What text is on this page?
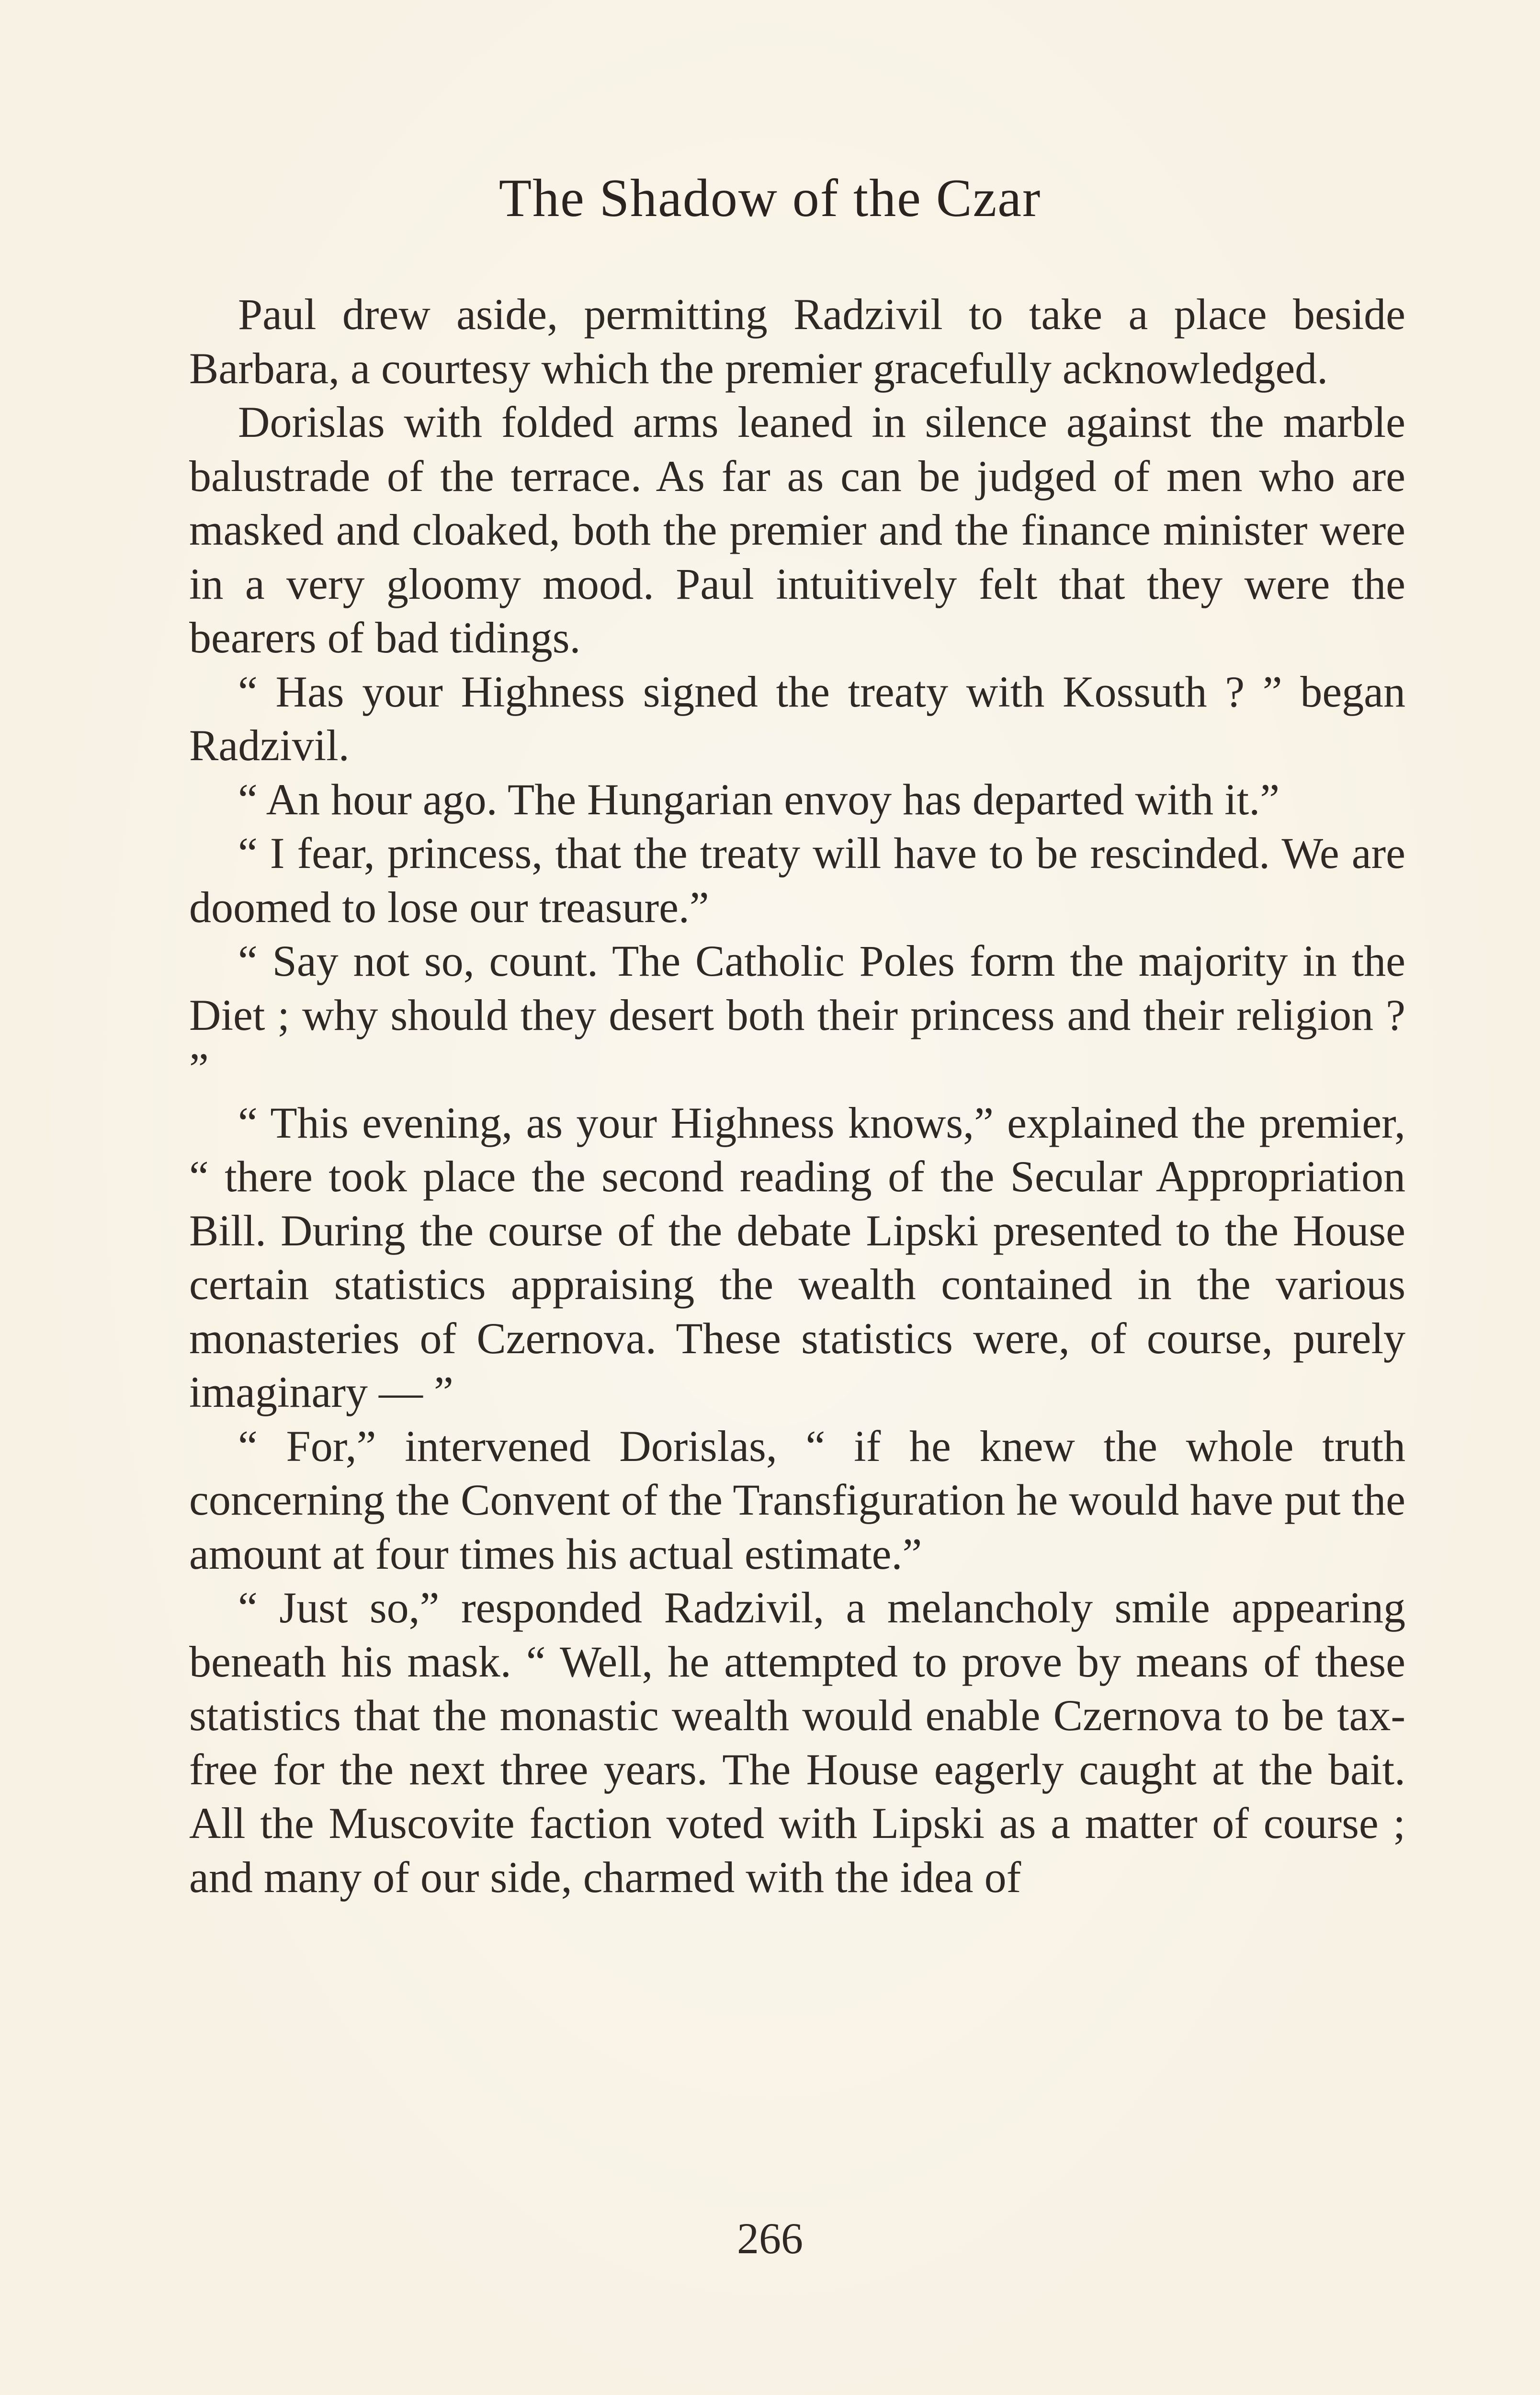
The Shadow of the Czar

Paul drew aside, permitting Radzivil to take a place beside Barbara, a courtesy which the premier gracefully acknowledged.

Dorislas with folded arms leaned in silence against the marble balustrade of the terrace. As far as can be judged of men who are masked and cloaked, both the premier and the finance minister were in a very gloomy mood. Paul intuitively felt that they were the bearers of bad tidings.

“ Has your Highness signed the treaty with Kossuth ? ” began Radzivil.

“ An hour ago. The Hungarian envoy has departed with it.”

“ I fear, princess, that the treaty will have to be rescinded. We are doomed to lose our treasure.”

“ Say not so, count. The Catholic Poles form the majority in the Diet ; why should they desert both their princess and their religion ? ”

“ This evening, as your Highness knows,” explained the premier, “ there took place the second reading of the Secular Appropriation Bill. During the course of the debate Lipski presented to the House certain statistics appraising the wealth contained in the various monasteries of Czernova. These statistics were, of course, purely imaginary — ”

“ For,” intervened Dorislas, “ if he knew the whole truth concerning the Convent of the Transfiguration he would have put the amount at four times his actual estimate.”

“ Just so,” responded Radzivil, a melancholy smile appearing beneath his mask. “ Well, he attempted to prove by means of these statistics that the monastic wealth would enable Czernova to be tax-free for the next three years. The House eagerly caught at the bait. All the Muscovite faction voted with Lipski as a matter of course ; and many of our side, charmed with the idea of

266
